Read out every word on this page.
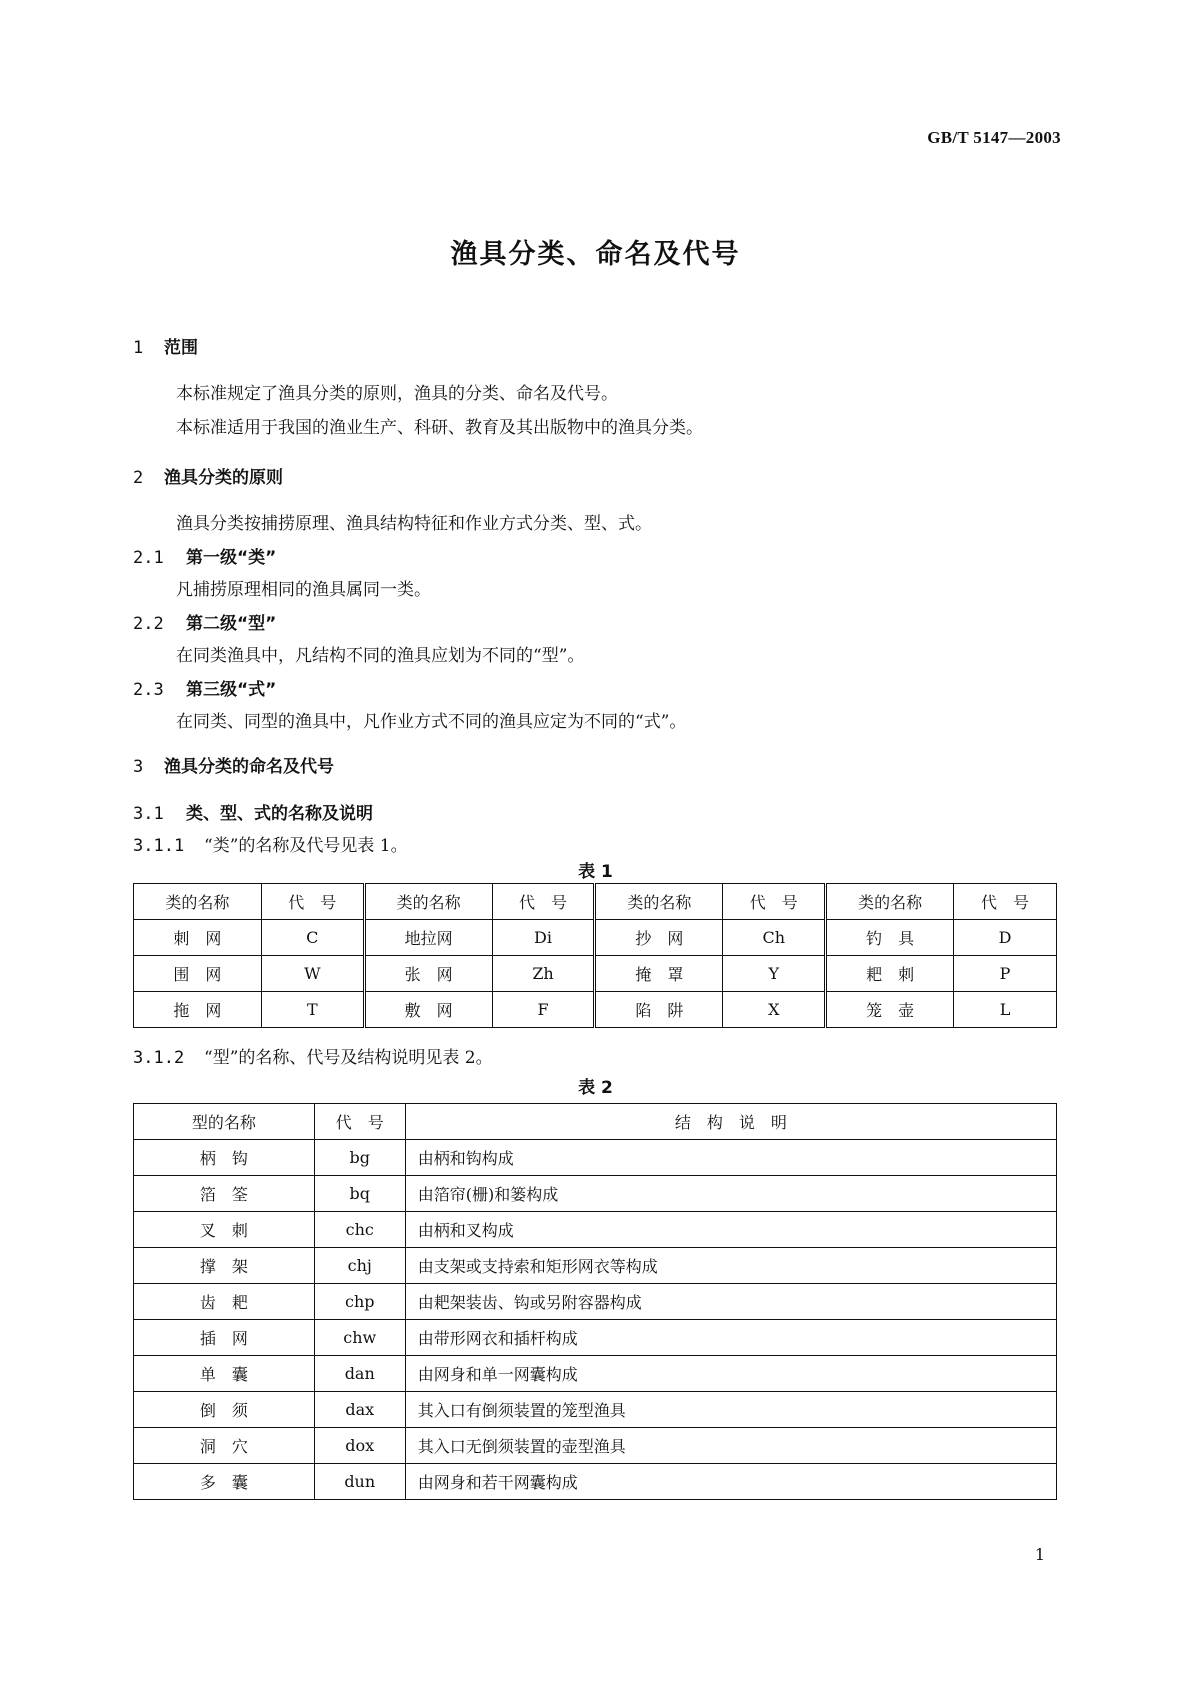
GB/T 5147—2003
渔具分类、命名及代号
1 范围
本标准规定了渔具分类的原则，渔具的分类、命名及代号。
本标准适用于我国的渔业生产、科研、教育及其出版物中的渔具分类。
2 渔具分类的原则
渔具分类按捕捞原理、渔具结构特征和作业方式分类、型、式。
2.1 第一级“类”
凡捕捞原理相同的渔具属同一类。
2.2 第二级“型”
在同类渔具中，凡结构不同的渔具应划为不同的“型”。
2.3 第三级“式”
在同类、同型的渔具中，凡作业方式不同的渔具应定为不同的“式”。
3 渔具分类的命名及代号
3.1 类、型、式的名称及说明
3.1.1 “类”的名称及代号见表 1。
表 1
类的名称	代　号	类的名称	代　号	类的名称	代　号	类的名称	代　号
刺　网	C	地拉网	Di	抄　网	Ch	钓　具	D
围　网	W	张　网	Zh	掩　罩	Y	耙　刺	P
拖　网	T	敷　网	F	陷　阱	X	笼　壶	L
3.1.2 “型”的名称、代号及结构说明见表 2。
表 2
型的名称	代　号	结　构　说　明
柄　钩	bg	由柄和钩构成
箔　筌	bq	由箔帘(栅)和篓构成
叉　刺	chc	由柄和叉构成
撑　架	chj	由支架或支持索和矩形网衣等构成
齿　耙	chp	由耙架装齿、钩或另附容器构成
插　网	chw	由带形网衣和插杆构成
单　囊	dan	由网身和单一网囊构成
倒　须	dax	其入口有倒须装置的笼型渔具
洞　穴	dox	其入口无倒须装置的壶型渔具
多　囊	dun	由网身和若干网囊构成
1
